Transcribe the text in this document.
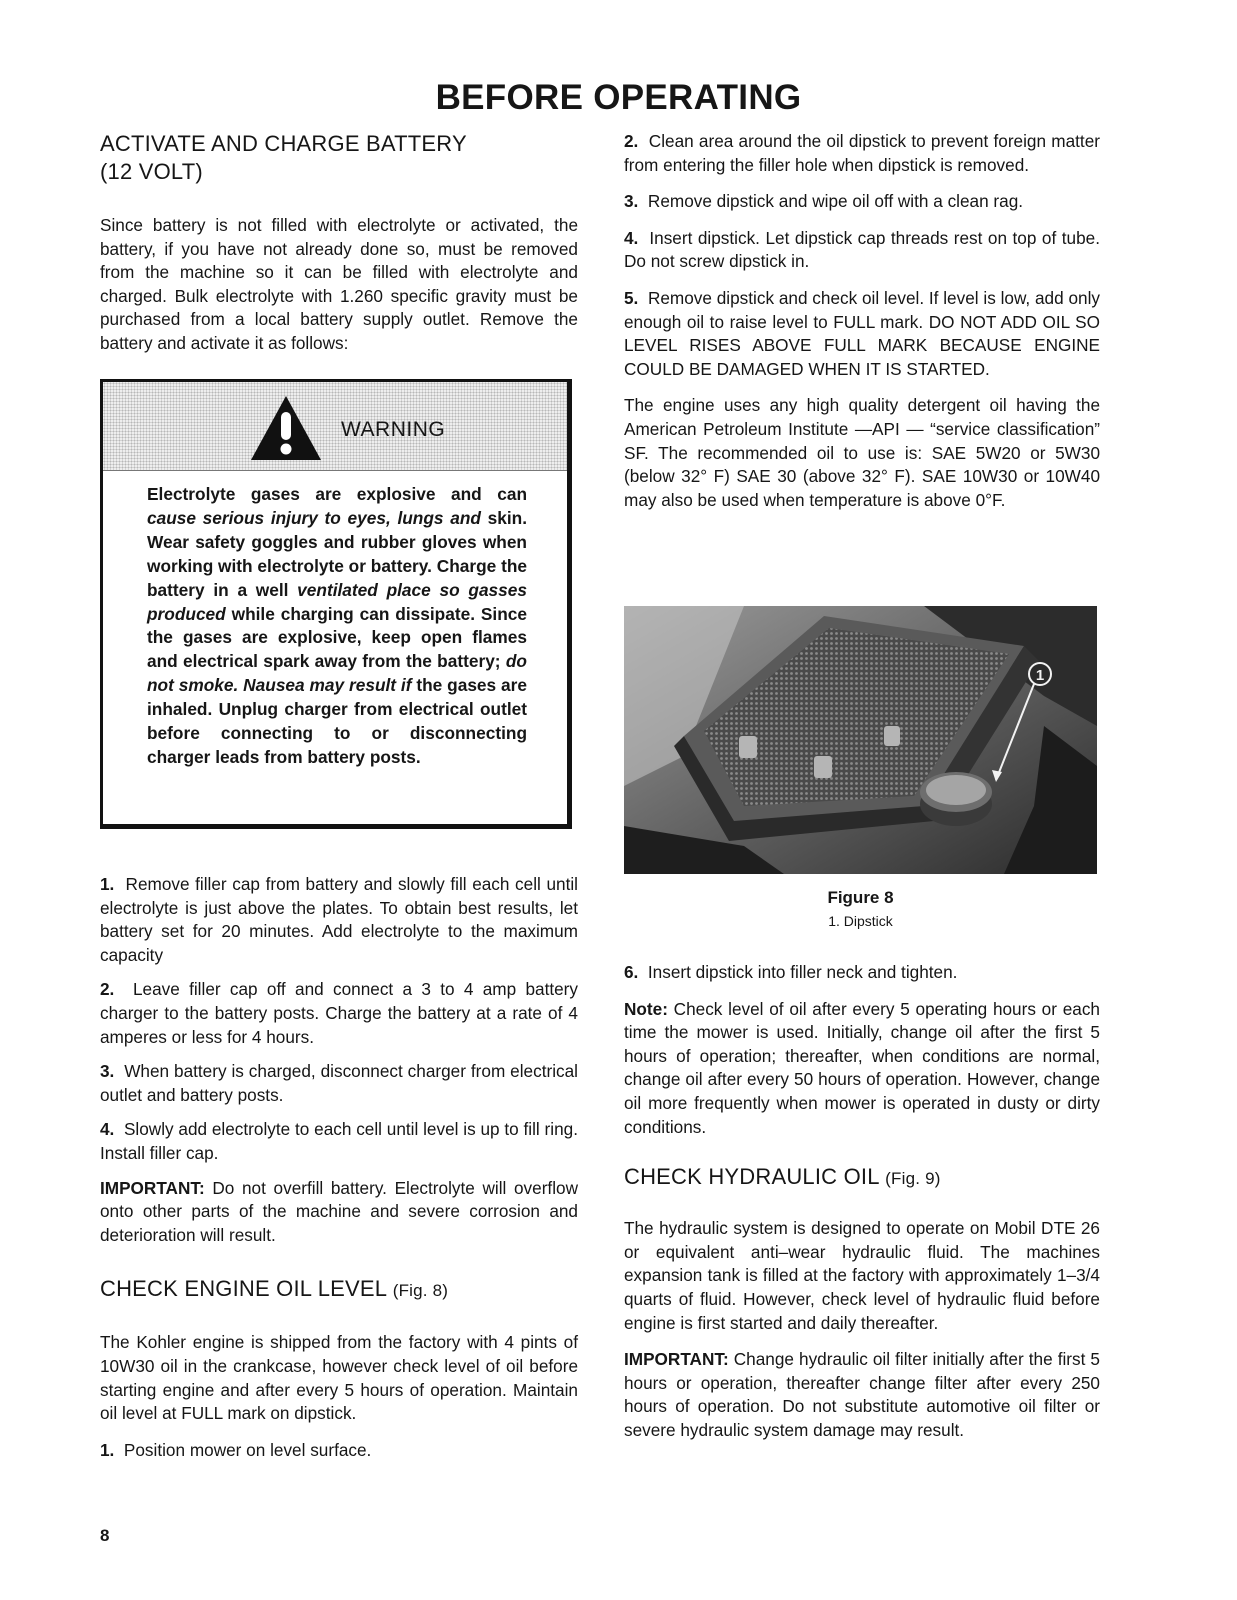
BEFORE OPERATING
ACTIVATE AND CHARGE BATTERY
(12 VOLT)

Since battery is not filled with electrolyte or activated, the battery, if you have not already done so, must be removed from the machine so it can be filled with electrolyte and charged. Bulk electrolyte with 1.260 specific gravity must be purchased from a local battery supply outlet. Remove the battery and activate it as follows:

WARNING
Electrolyte gases are explosive and can cause serious injury to eyes, lungs and skin. Wear safety goggles and rubber gloves when working with electrolyte or battery. Charge the battery in a well ventilated place so gasses produced while charging can dissipate. Since the gases are explosive, keep open flames and electrical spark away from the battery; do not smoke. Nausea may result if the gases are inhaled. Unplug charger from electrical outlet before connecting to or disconnecting charger leads from battery posts.

1. Remove filler cap from battery and slowly fill each cell until electrolyte is just above the plates. To obtain best results, let battery set for 20 minutes. Add electrolyte to the maximum capacity

2. Leave filler cap off and connect a 3 to 4 amp battery charger to the battery posts. Charge the battery at a rate of 4 amperes or less for 4 hours.

3. When battery is charged, disconnect charger from electrical outlet and battery posts.

4. Slowly add electrolyte to each cell until level is up to fill ring. Install filler cap.

IMPORTANT: Do not overfill battery. Electrolyte will overflow onto other parts of the machine and severe corrosion and deterioration will result.

CHECK ENGINE OIL LEVEL (Fig. 8)

The Kohler engine is shipped from the factory with 4 pints of 10W30 oil in the crankcase, however check level of oil before starting engine and after every 5 hours of operation. Maintain oil level at FULL mark on dipstick.

1. Position mower on level surface.

2. Clean area around the oil dipstick to prevent foreign matter from entering the filler hole when dipstick is removed.

3. Remove dipstick and wipe oil off with a clean rag.

4. Insert dipstick. Let dipstick cap threads rest on top of tube. Do not screw dipstick in.

5. Remove dipstick and check oil level. If level is low, add only enough oil to raise level to FULL mark. DO NOT ADD OIL SO LEVEL RISES ABOVE FULL MARK BECAUSE ENGINE COULD BE DAMAGED WHEN IT IS STARTED.

The engine uses any high quality detergent oil having the American Petroleum Institute —API — “service classification” SF. The recommended oil to use is: SAE 5W20 or 5W30 (below 32° F) SAE 30 (above 32° F). SAE 10W30 or 10W40 may also be used when temperature is above 0°F.

1
Figure 8
1. Dipstick

6. Insert dipstick into filler neck and tighten.

Note: Check level of oil after every 5 operating hours or each time the mower is used. Initially, change oil after the first 5 hours of operation; thereafter, when conditions are normal, change oil after every 50 hours of operation. However, change oil more frequently when mower is operated in dusty or dirty conditions.

CHECK HYDRAULIC OIL (Fig. 9)

The hydraulic system is designed to operate on Mobil DTE 26 or equivalent anti–wear hydraulic fluid. The machines expansion tank is filled at the factory with approximately 1–3/4 quarts of fluid. However, check level of hydraulic fluid before engine is first started and daily thereafter.

IMPORTANT: Change hydraulic oil filter initially after the first 5 hours or operation, thereafter change filter after every 250 hours of operation. Do not substitute automotive oil filter or severe hydraulic system damage may result.

8
